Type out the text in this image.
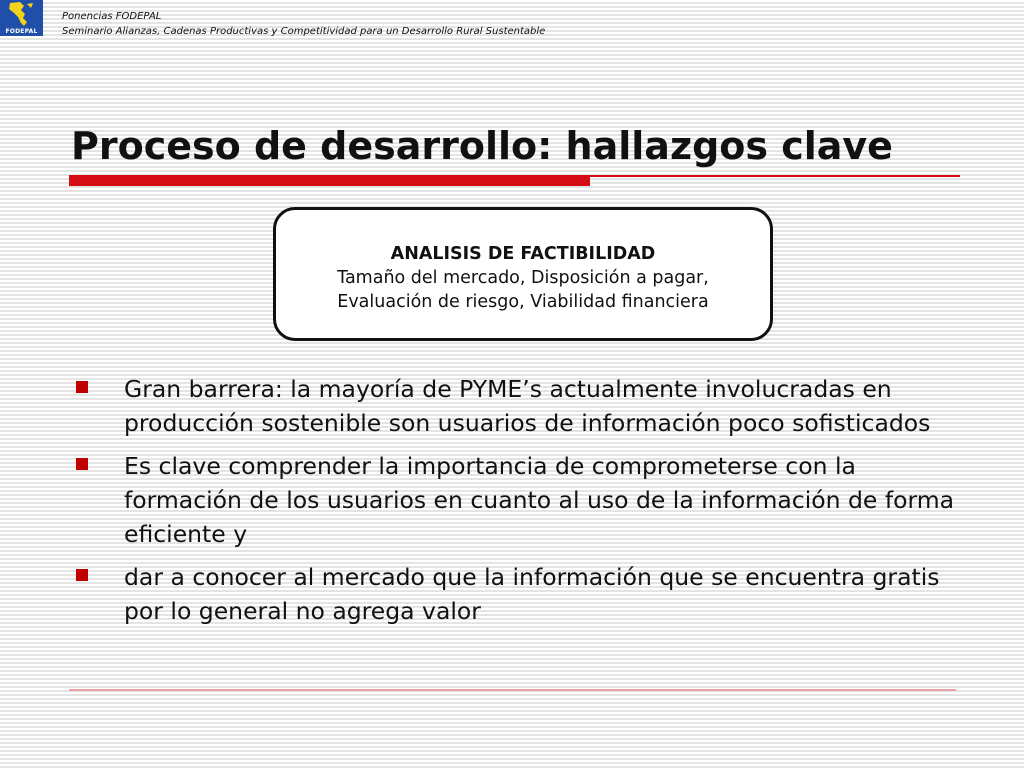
FODEPAL
Ponencias FODEPAL
Seminario Alianzas, Cadenas Productivas y Competitividad para un Desarrollo Rural Sustentable
Proceso de desarrollo: hallazgos clave
ANALISIS DE FACTIBILIDAD
Tamaño del mercado, Disposición a pagar,
Evaluación de riesgo, Viabilidad financiera
Gran barrera: la mayoría de PYME’s actualmente involucradas en producción sostenible son usuarios de información poco sofisticados
Es clave comprender la importancia de comprometerse con la formación de los usuarios en cuanto al uso de la información de forma eficiente y
dar a conocer al mercado que la información que se encuentra gratis por lo general no agrega valor
